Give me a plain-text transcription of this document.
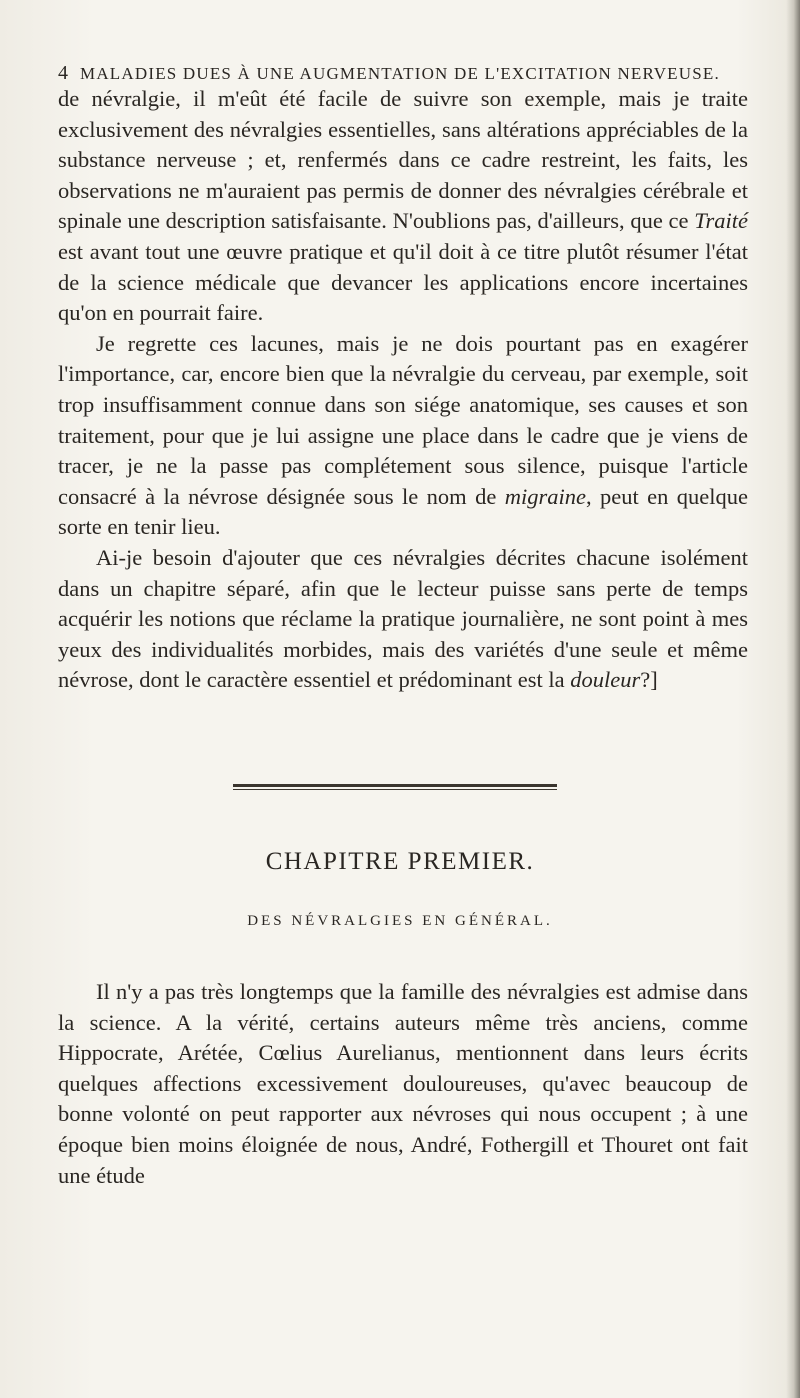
4 MALADIES DUES À UNE AUGMENTATION DE L'EXCITATION NERVEUSE.

de névralgie, il m'eût été facile de suivre son exemple, mais je traite exclusivement des névralgies essentielles, sans altérations appréciables de la substance nerveuse ; et, renfermés dans ce cadre restreint, les faits, les observations ne m'auraient pas permis de donner des névralgies cérébrale et spinale une description satisfaisante. N'oublions pas, d'ailleurs, que ce Traité est avant tout une œuvre pratique et qu'il doit à ce titre plutôt résumer l'état de la science médicale que devancer les applications encore incertaines qu'on en pourrait faire.

Je regrette ces lacunes, mais je ne dois pourtant pas en exagérer l'importance, car, encore bien que la névralgie du cerveau, par exemple, soit trop insuffisamment connue dans son siége anatomique, ses causes et son traitement, pour que je lui assigne une place dans le cadre que je viens de tracer, je ne la passe pas complétement sous silence, puisque l'article consacré à la névrose désignée sous le nom de migraine, peut en quelque sorte en tenir lieu.

Ai-je besoin d'ajouter que ces névralgies décrites chacune isolément dans un chapitre séparé, afin que le lecteur puisse sans perte de temps acquérir les notions que réclame la pratique journalière, ne sont point à mes yeux des individualités morbides, mais des variétés d'une seule et même névrose, dont le caractère essentiel et prédominant est la douleur?]

CHAPITRE PREMIER.
DES NÉVRALGIES EN GÉNÉRAL.

Il n'y a pas très longtemps que la famille des névralgies est admise dans la science. A la vérité, certains auteurs même très anciens, comme Hippocrate, Arétée, Cœlius Aurelianus, mentionnent dans leurs écrits quelques affections excessivement douloureuses, qu'avec beaucoup de bonne volonté on peut rapporter aux névroses qui nous occupent ; à une époque bien moins éloignée de nous, André, Fothergill et Thouret ont fait une étude
